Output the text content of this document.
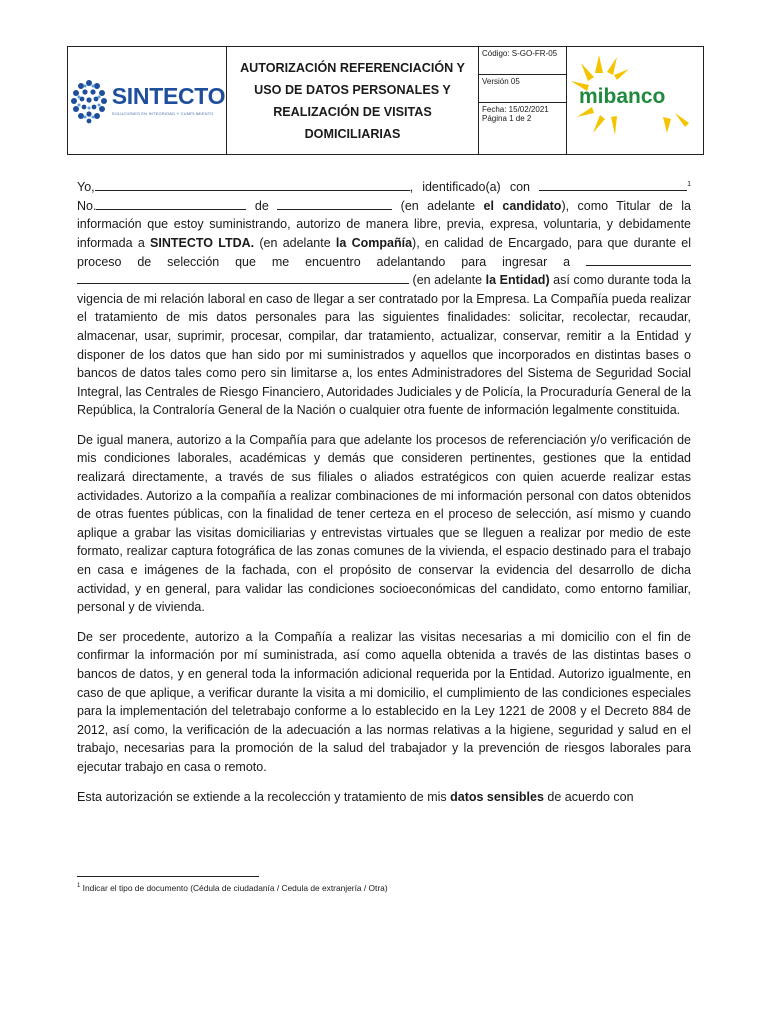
SINTECTO
SOLUCIONES EN INTEGRIDAD Y CUMPLIMIENTO
AUTORIZACIÓN REFERENCIACIÓN Y USO DE DATOS PERSONALES Y REALIZACIÓN DE VISITAS DOMICILIARIAS
Código: S-GO-FR-05
Versión 05
Fecha: 15/02/2021
Página 1 de 2
mibanco

Yo,	, identificado(a) con	$^1$ No.	de	(en adelante el candidato), como Titular de la información que estoy suministrando, autorizo de manera libre, previa, expresa, voluntaria, y debidamente informada a SINTECTO LTDA. (en adelante la Compañía), en calidad de Encargado, para que durante el proceso de selección que me encuentro adelantando para ingresar a   (en adelante la Entidad) así como durante toda la vigencia de mi relación laboral en caso de llegar a ser contratado por la Empresa. La Compañía pueda realizar el tratamiento de mis datos personales para las siguientes finalidades: solicitar, recolectar, recaudar, almacenar, usar, suprimir, procesar, compilar, dar tratamiento, actualizar, conservar, remitir a la Entidad y disponer de los datos que han sido por mi suministrados y aquellos que incorporados en distintas bases o bancos de datos tales como pero sin limitarse a, los entes Administradores del Sistema de Seguridad Social Integral, las Centrales de Riesgo Financiero, Autoridades Judiciales y de Policía, la Procuraduría General de la República, la Contraloría General de la Nación o cualquier otra fuente de información legalmente constituida.

De igual manera, autorizo a la Compañía para que adelante los procesos de referenciación y/o verificación de mis condiciones laborales, académicas y demás que consideren pertinentes, gestiones que la entidad realizará directamente, a través de sus filiales o aliados estratégicos con quien acuerde realizar estas actividades. Autorizo a la compañía a realizar combinaciones de mi información personal con datos obtenidos de otras fuentes públicas, con la finalidad de tener certeza en el proceso de selección, así mismo y cuando aplique a grabar las visitas domiciliarias y entrevistas virtuales que se lleguen a realizar por medio de este formato, realizar captura fotográfica de las zonas comunes de la vivienda, el espacio destinado para el trabajo en casa e imágenes de la fachada, con el propósito de conservar la evidencia del desarrollo de dicha actividad, y en general, para validar las condiciones socioeconómicas del candidato, como entorno familiar, personal y de vivienda.

De ser procedente, autorizo a la Compañía a realizar las visitas necesarias a mi domicilio con el fin de confirmar la información por mí suministrada, así como aquella obtenida a través de las distintas bases o bancos de datos, y en general toda la información adicional requerida por la Entidad. Autorizo igualmente, en caso de que aplique, a verificar durante la visita a mi domicilio, el cumplimiento de las condiciones especiales para la implementación del teletrabajo conforme a lo establecido en la Ley 1221 de 2008 y el Decreto 884 de 2012, así como, la verificación de la adecuación a las normas relativas a la higiene, seguridad y salud en el trabajo, necesarias para la promoción de la salud del trabajador y la prevención de riesgos laborales para ejecutar trabajo en casa o remoto.

Esta autorización se extiende a la recolección y tratamiento de mis datos sensibles de acuerdo con

$^1$ Indicar el tipo de documento (Cédula de ciudadanía / Cedula de extranjería / Otra)
